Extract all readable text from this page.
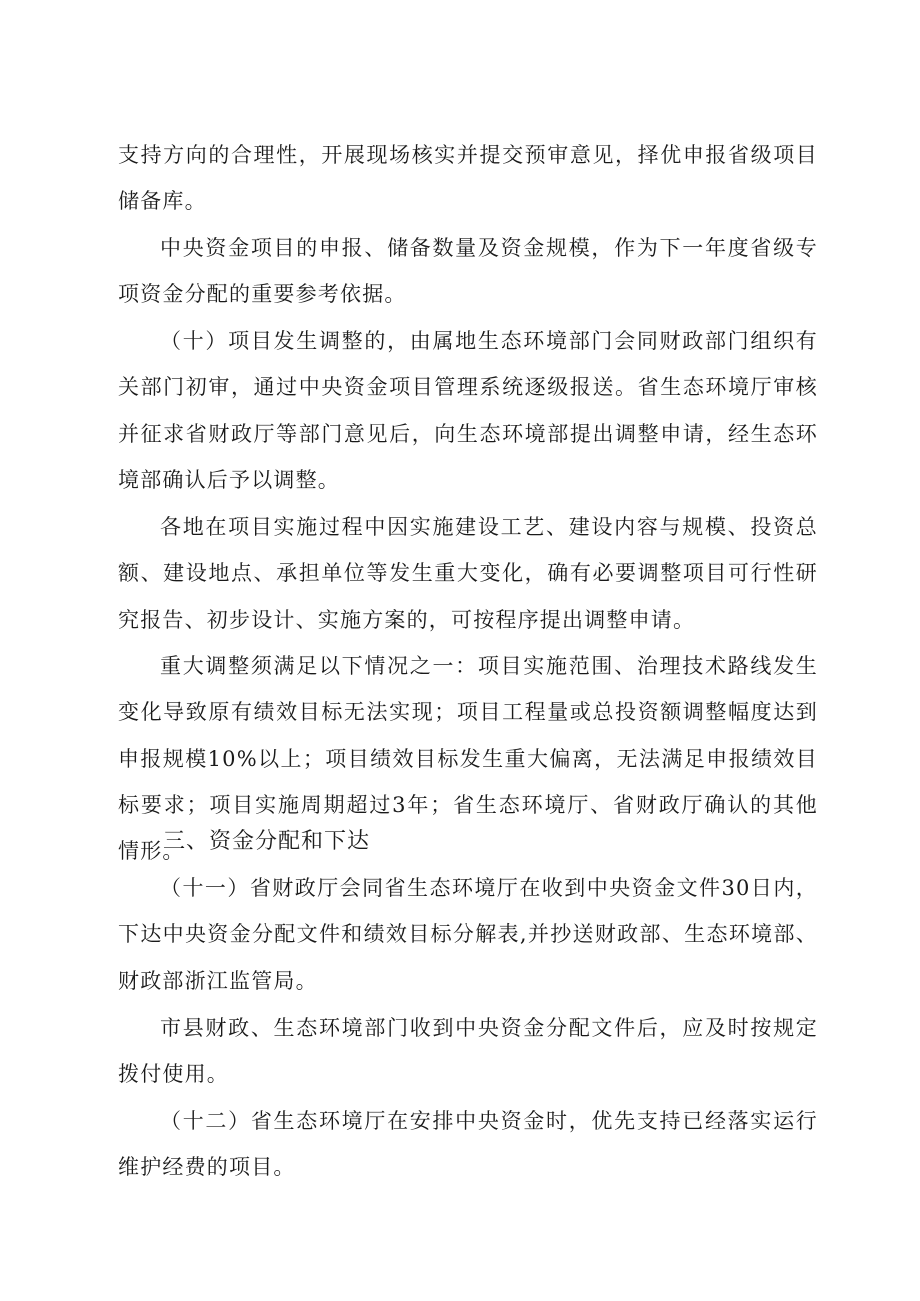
支持方向的合理性，开展现场核实并提交预审意见，择优申报省级项目储备库。

中央资金项目的申报、储备数量及资金规模，作为下一年度省级专项资金分配的重要参考依据。

（十）项目发生调整的，由属地生态环境部门会同财政部门组织有关部门初审，通过中央资金项目管理系统逐级报送。省生态环境厅审核并征求省财政厅等部门意见后，向生态环境部提出调整申请，经生态环境部确认后予以调整。

各地在项目实施过程中因实施建设工艺、建设内容与规模、投资总额、建设地点、承担单位等发生重大变化，确有必要调整项目可行性研究报告、初步设计、实施方案的，可按程序提出调整申请。

重大调整须满足以下情况之一：项目实施范围、治理技术路线发生变化导致原有绩效目标无法实现；项目工程量或总投资额调整幅度达到申报规模10%以上；项目绩效目标发生重大偏离，无法满足申报绩效目标要求；项目实施周期超过3年；省生态环境厅、省财政厅确认的其他情形。

三、资金分配和下达

（十一）省财政厅会同省生态环境厅在收到中央资金文件30日内，下达中央资金分配文件和绩效目标分解表,并抄送财政部、生态环境部、财政部浙江监管局。

市县财政、生态环境部门收到中央资金分配文件后，应及时按规定拨付使用。

（十二）省生态环境厅在安排中央资金时，优先支持已经落实运行维护经费的项目。
